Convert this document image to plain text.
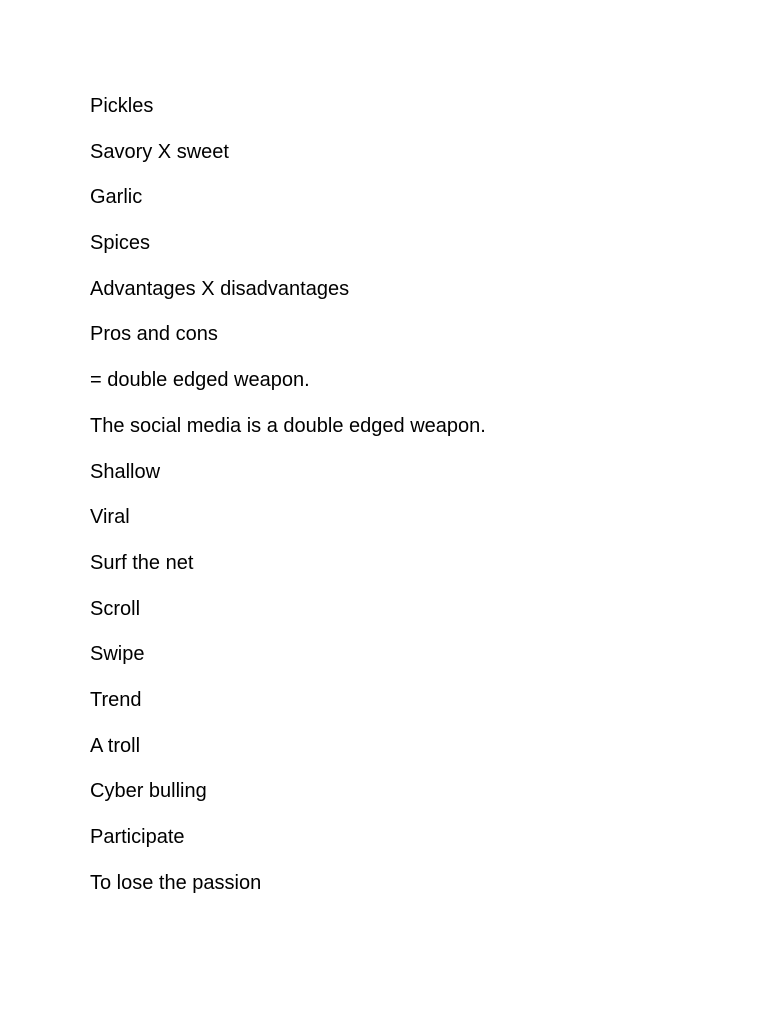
Pickles
Savory X sweet
Garlic
Spices
Advantages X disadvantages
Pros and cons
= double edged weapon.
The social media is a double edged weapon.
Shallow
Viral
Surf the net
Scroll
Swipe
Trend
A troll
Cyber bulling
Participate
To lose the passion
